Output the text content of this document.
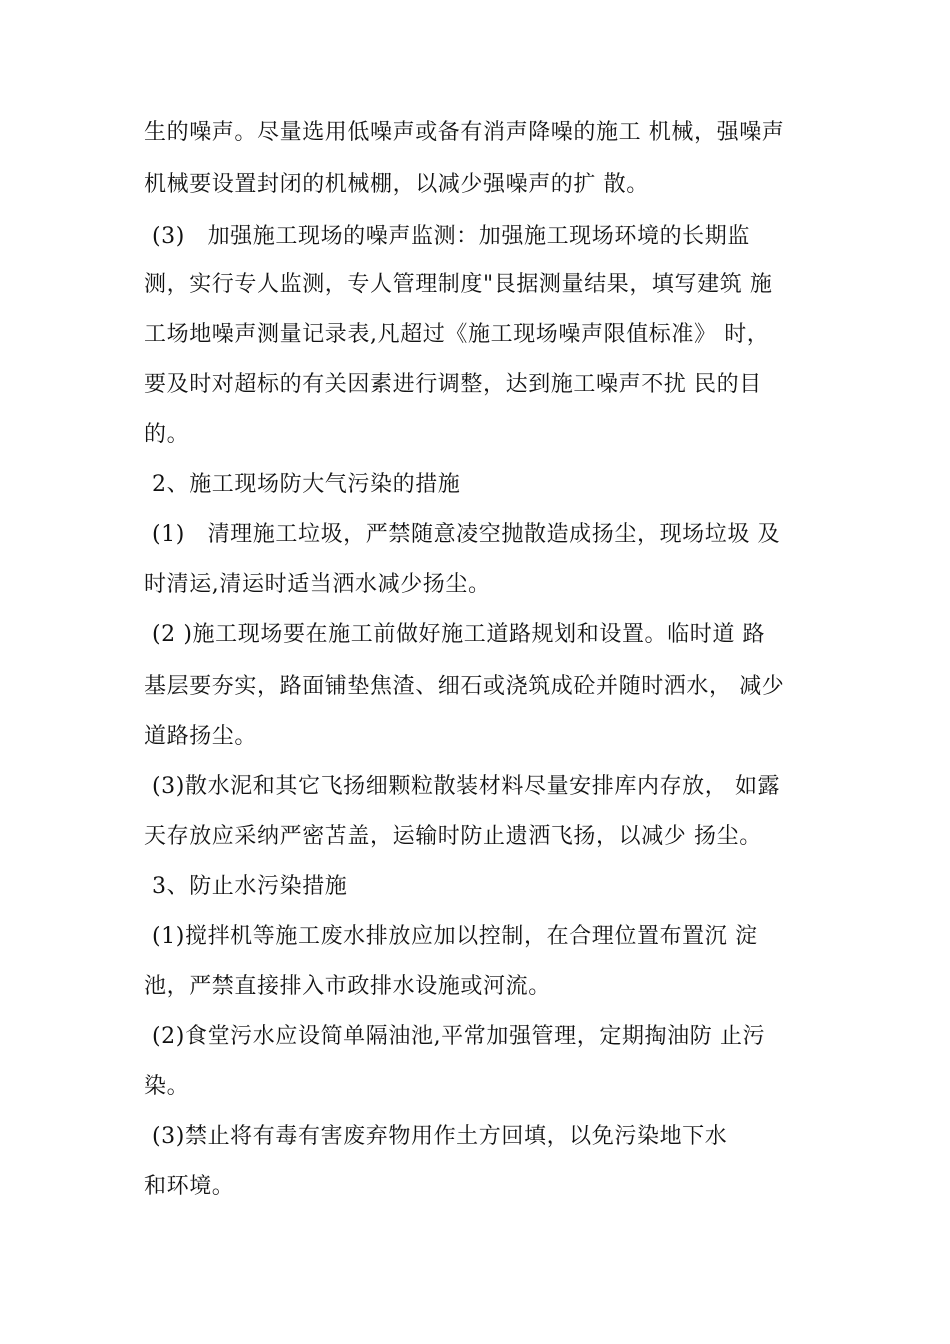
生的噪声。尽量选用低噪声或备有消声降噪的施工 机械，强噪声
机械要设置封闭的机械棚，以减少强噪声的扩 散。
(3)　加强施工现场的噪声监测：加强施工现场环境的长期监
测，实行专人监测，专人管理制度"艮据测量结果，填写建筑 施
工场地噪声测量记录表,凡超过《施工现场噪声限值标准》 时，
要及时对超标的有关因素进行调整，达到施工噪声不扰 民的目
的。
2、施工现场防大气污染的措施
(1)　清理施工垃圾，严禁随意凌空抛散造成扬尘，现场垃圾 及
时清运,清运时适当洒水减少扬尘。
(2 )施工现场要在施工前做好施工道路规划和设置。临时道 路
基层要夯实，路面铺垫焦渣、细石或浇筑成砼并随时洒水， 减少
道路扬尘。
(3)散水泥和其它飞扬细颗粒散装材料尽量安排库内存放， 如露
天存放应采纳严密苫盖，运输时防止遗洒飞扬，以减少 扬尘。
3、防止水污染措施
(1)搅拌机等施工废水排放应加以控制，在合理位置布置沉 淀
池，严禁直接排入市政排水设施或河流。
(2)食堂污水应设简单隔油池,平常加强管理，定期掏油防 止污
染。
(3)禁止将有毒有害废弃物用作土方回填，以免污染地下水
和环境。
